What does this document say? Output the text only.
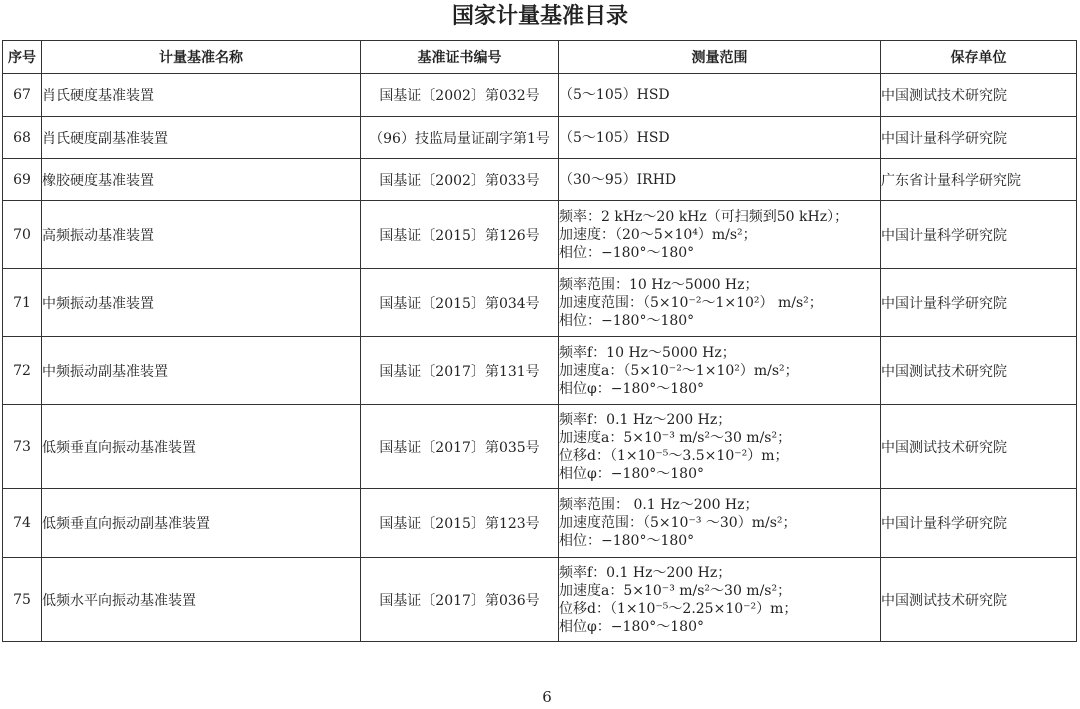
国家计量基准目录
序号	计量基准名称	基准证书编号	测量范围	保存单位
67	肖氏硬度基准装置	国基证〔2002〕第032号	（5～105）HSD	中国测试技术研究院
68	肖氏硬度副基准装置	（96）技监局量证副字第1号	（5～105）HSD	中国计量科学研究院
69	橡胶硬度基准装置	国基证〔2002〕第033号	（30～95）IRHD	广东省计量科学研究院
70	高频振动基准装置	国基证〔2015〕第126号	频率：2 kHz～20 kHz（可扫频到50 kHz）；
加速度：（20～5×10⁴）m/s²；
相位：−180°～180°	中国计量科学研究院
71	中频振动基准装置	国基证〔2015〕第034号	频率范围：10 Hz～5000 Hz；
加速度范围：（5×10⁻²～1×10²） m/s²；
相位：−180°～180°	中国计量科学研究院
72	中频振动副基准装置	国基证〔2017〕第131号	频率f：10 Hz～5000 Hz；
加速度a：（5×10⁻²～1×10²）m/s²；
相位φ：−180°～180°	中国测试技术研究院
73	低频垂直向振动基准装置	国基证〔2017〕第035号	频率f：0.1 Hz～200 Hz；
加速度a：5×10⁻³ m/s²～30 m/s²；
位移d：（1×10⁻⁵～3.5×10⁻²）m；
相位φ：−180°～180°	中国测试技术研究院
74	低频垂直向振动副基准装置	国基证〔2015〕第123号	频率范围： 0.1 Hz～200 Hz；
加速度范围：（5×10⁻³ ～30）m/s²；
相位：−180°～180°	中国计量科学研究院
75	低频水平向振动基准装置	国基证〔2017〕第036号	频率f：0.1 Hz～200 Hz；
加速度a：5×10⁻³ m/s²～30 m/s²；
位移d：（1×10⁻⁵～2.25×10⁻²）m；
相位φ：−180°～180°	中国测试技术研究院
6
